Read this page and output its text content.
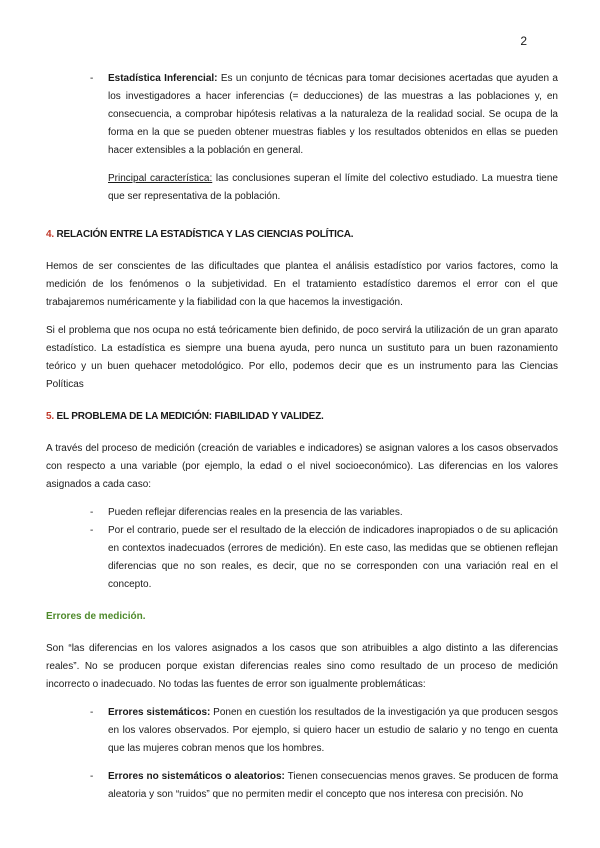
2
- Estadística Inferencial: Es un conjunto de técnicas para tomar decisiones acertadas que ayuden a los investigadores a hacer inferencias (= deducciones) de las muestras a las poblaciones y, en consecuencia, a comprobar hipótesis relativas a la naturaleza de la realidad social. Se ocupa de la forma en la que se pueden obtener muestras fiables y los resultados obtenidos en ellas se pueden hacer extensibles a la población en general.

Principal característica: las conclusiones superan el límite del colectivo estudiado. La muestra tiene que ser representativa de la población.

4. RELACIÓN ENTRE LA ESTADÍSTICA Y LAS CIENCIAS POLÍTICA.

Hemos de ser conscientes de las dificultades que plantea el análisis estadístico por varios factores, como la medición de los fenómenos o la subjetividad. En el tratamiento estadístico daremos el error con el que trabajaremos numéricamente y la fiabilidad con la que hacemos la investigación.

Si el problema que nos ocupa no está teóricamente bien definido, de poco servirá la utilización de un gran aparato estadístico. La estadística es siempre una buena ayuda, pero nunca un sustituto para un buen razonamiento teórico y un buen quehacer metodológico. Por ello, podemos decir que es un instrumento para las Ciencias Políticas

5. EL PROBLEMA DE LA MEDICIÓN: FIABILIDAD Y VALIDEZ.

A través del proceso de medición (creación de variables e indicadores) se asignan valores a los casos observados con respecto a una variable (por ejemplo, la edad o el nivel socioeconómico). Las diferencias en los valores asignados a cada caso:

- Pueden reflejar diferencias reales en la presencia de las variables.

- Por el contrario, puede ser el resultado de la elección de indicadores inapropiados o de su aplicación en contextos inadecuados (errores de medición). En este caso, las medidas que se obtienen reflejan diferencias que no son reales, es decir, que no se corresponden con una variación real en el concepto.

Errores de medición.

Son “las diferencias en los valores asignados a los casos que son atribuibles a algo distinto a las diferencias reales”. No se producen porque existan diferencias reales sino como resultado de un proceso de medición incorrecto o inadecuado. No todas las fuentes de error son igualmente problemáticas:

- Errores sistemáticos: Ponen en cuestión los resultados de la investigación ya que producen sesgos en los valores observados. Por ejemplo, si quiero hacer un estudio de salario y no tengo en cuenta que las mujeres cobran menos que los hombres.

- Errores no sistemáticos o aleatorios: Tienen consecuencias menos graves. Se producen de forma aleatoria y son “ruidos” que no permiten medir el concepto que nos interesa con precisión. No
